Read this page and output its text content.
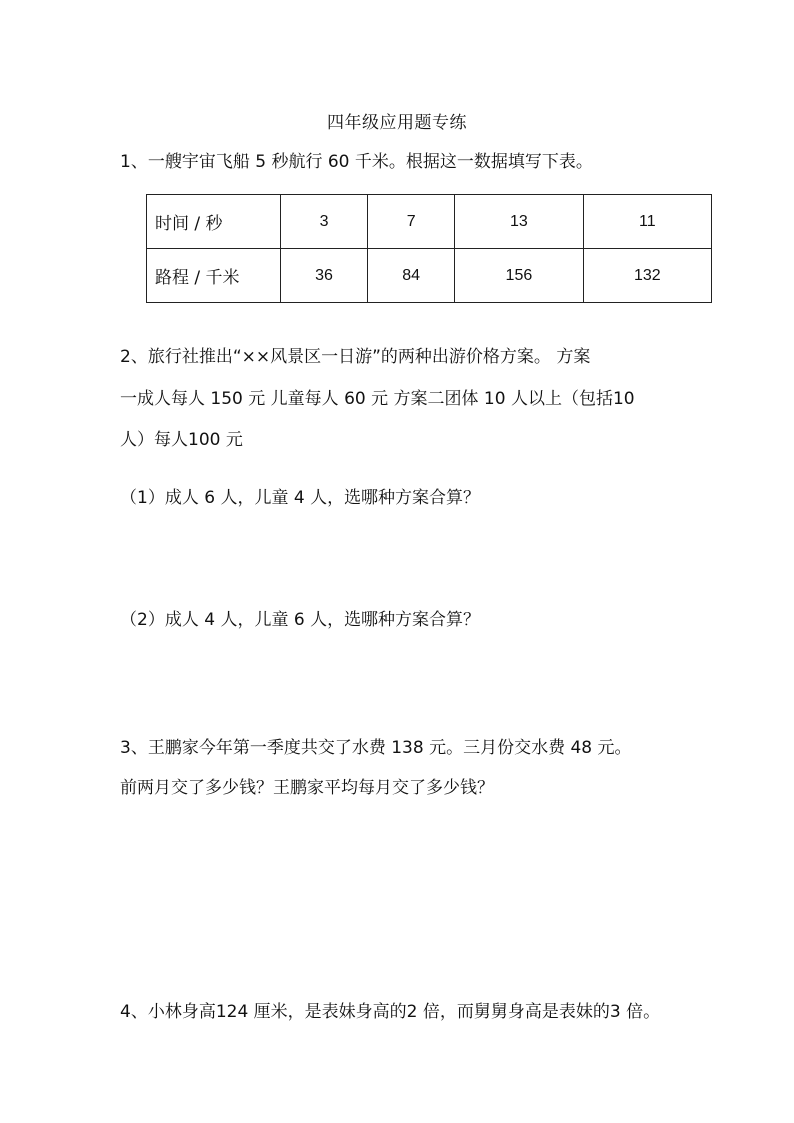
四年级应用题专练
1、一艘宇宙飞船 5 秒航行 60 千米。根据这一数据填写下表。
时间 / 秒	3	7	13	11
路程 / 千米	36	84	156	132
2、旅行社推出“××风景区一日游”的两种出游价格方案。 方案
一成人每人 150 元 儿童每人 60 元 方案二团体 10 人以上（包括10
人）每人100 元
（1）成人 6 人，儿童 4 人，选哪种方案合算？
（2）成人 4 人，儿童 6 人，选哪种方案合算？
3、王鹏家今年第一季度共交了水费 138 元。三月份交水费 48 元。
前两月交了多少钱？王鹏家平均每月交了多少钱？
4、小林身高124 厘米，是表妹身高的2 倍，而舅舅身高是表妹的3 倍。
